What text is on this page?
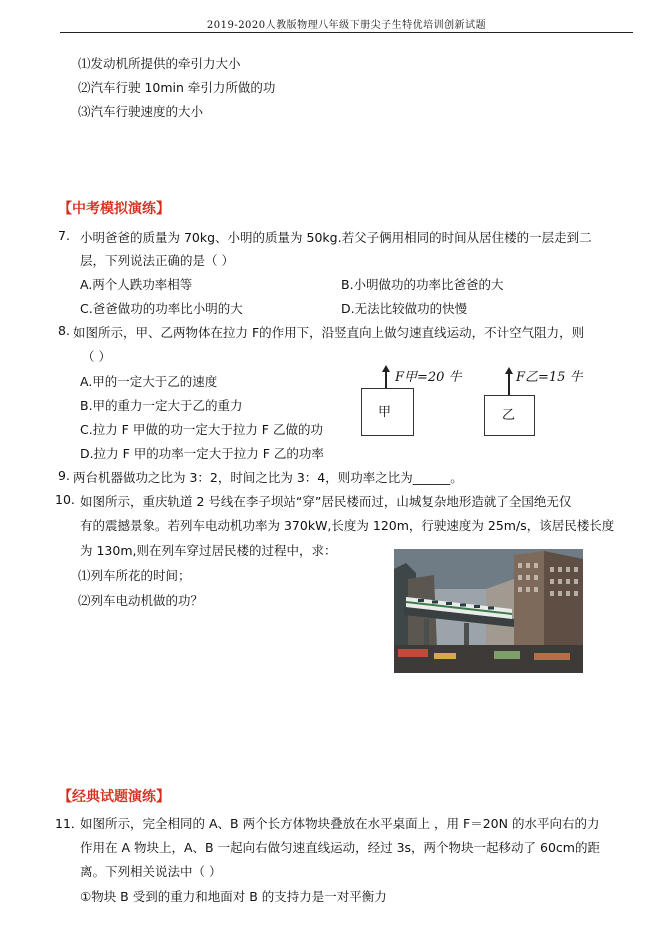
2019-2020人教版物理八年级下册尖子生特优培训创新试题
⑴发动机所提供的牵引力大小
⑵汽车行驶 10min 牵引力所做的功
⑶汽车行驶速度的大小
【中考模拟演练】
7. 小明爸爸的质量为 70kg、小明的质量为 50kg.若父子俩用相同的时间从居住楼的一层走到二
层，下列说法正确的是（ ）
A.两个人跌功率相等	B.小明做功的功率比爸爸的大
C.爸爸做功的功率比小明的大	D.无法比较做功的快慢
8. 如图所示，甲、乙两物体在拉力 F的作用下，沿竖直向上做匀速直线运动，不计空气阻力，则
（ ）
A.甲的一定大于乙的速度
B.甲的重力一定大于乙的重力
C.拉力 F 甲做的功一定大于拉力 F 乙做的功
D.拉力 F 甲的功率一定大于拉力 F 乙的功率
F甲=20 牛
甲
F乙=15 牛
乙
9. 两台机器做功之比为 3：2，时间之比为 3：4，则功率之比为______。
10. 如图所示，重庆轨道 2 号线在李子坝站“穿”居民楼而过，山城复杂地形造就了全国绝无仅
有的震撼景象。若列车电动机功率为 370kW,长度为 120m，行驶速度为 25m/s，该居民楼长度
为 130m,则在列车穿过居民楼的过程中，求：
⑴列车所花的时间；
⑵列车电动机做的功？
【经典试题演练】
11．
如图所示，完全相同的 A、B 两个长方体物块叠放在水平桌面上 ，用 F＝20N 的水平向右的力
作用在 A 物块上，A、B 一起向右做匀速直线运动，经过 3s，两个物块一起移动了 60cm的距
离。下列相关说法中（ ）
①物块 B 受到的重力和地面对 B 的支持力是一对平衡力
